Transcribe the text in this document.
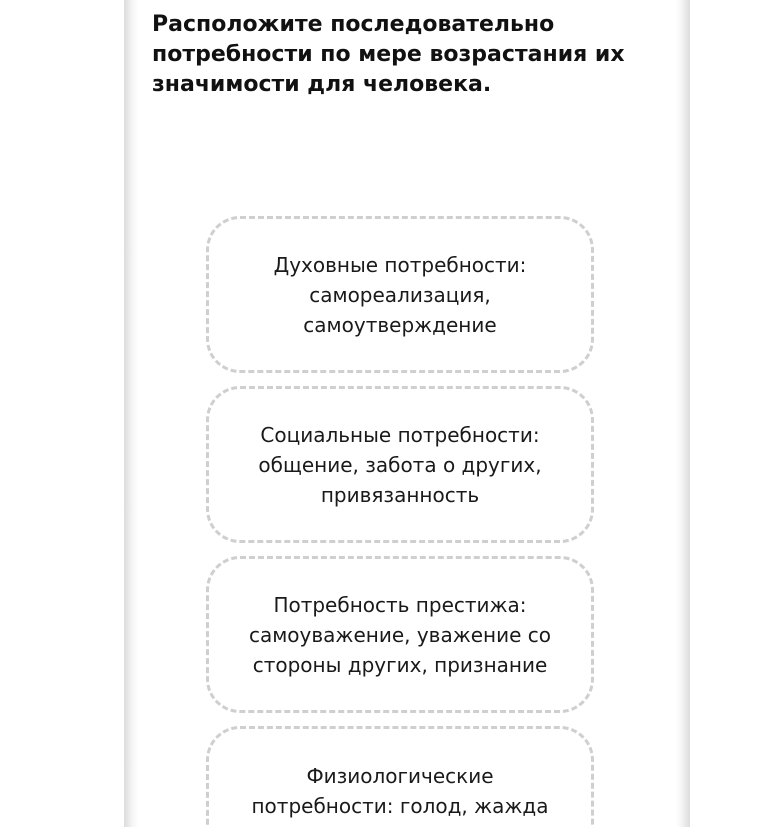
Расположите последовательно потребности по мере возрастания их значимости для человека.
Духовные потребности: самореализация, самоутверждение
Социальные потребности: общение, забота о других, привязанность
Потребность престижа: самоуважение, уважение со стороны других, признание
Физиологические потребности: голод, жажда
